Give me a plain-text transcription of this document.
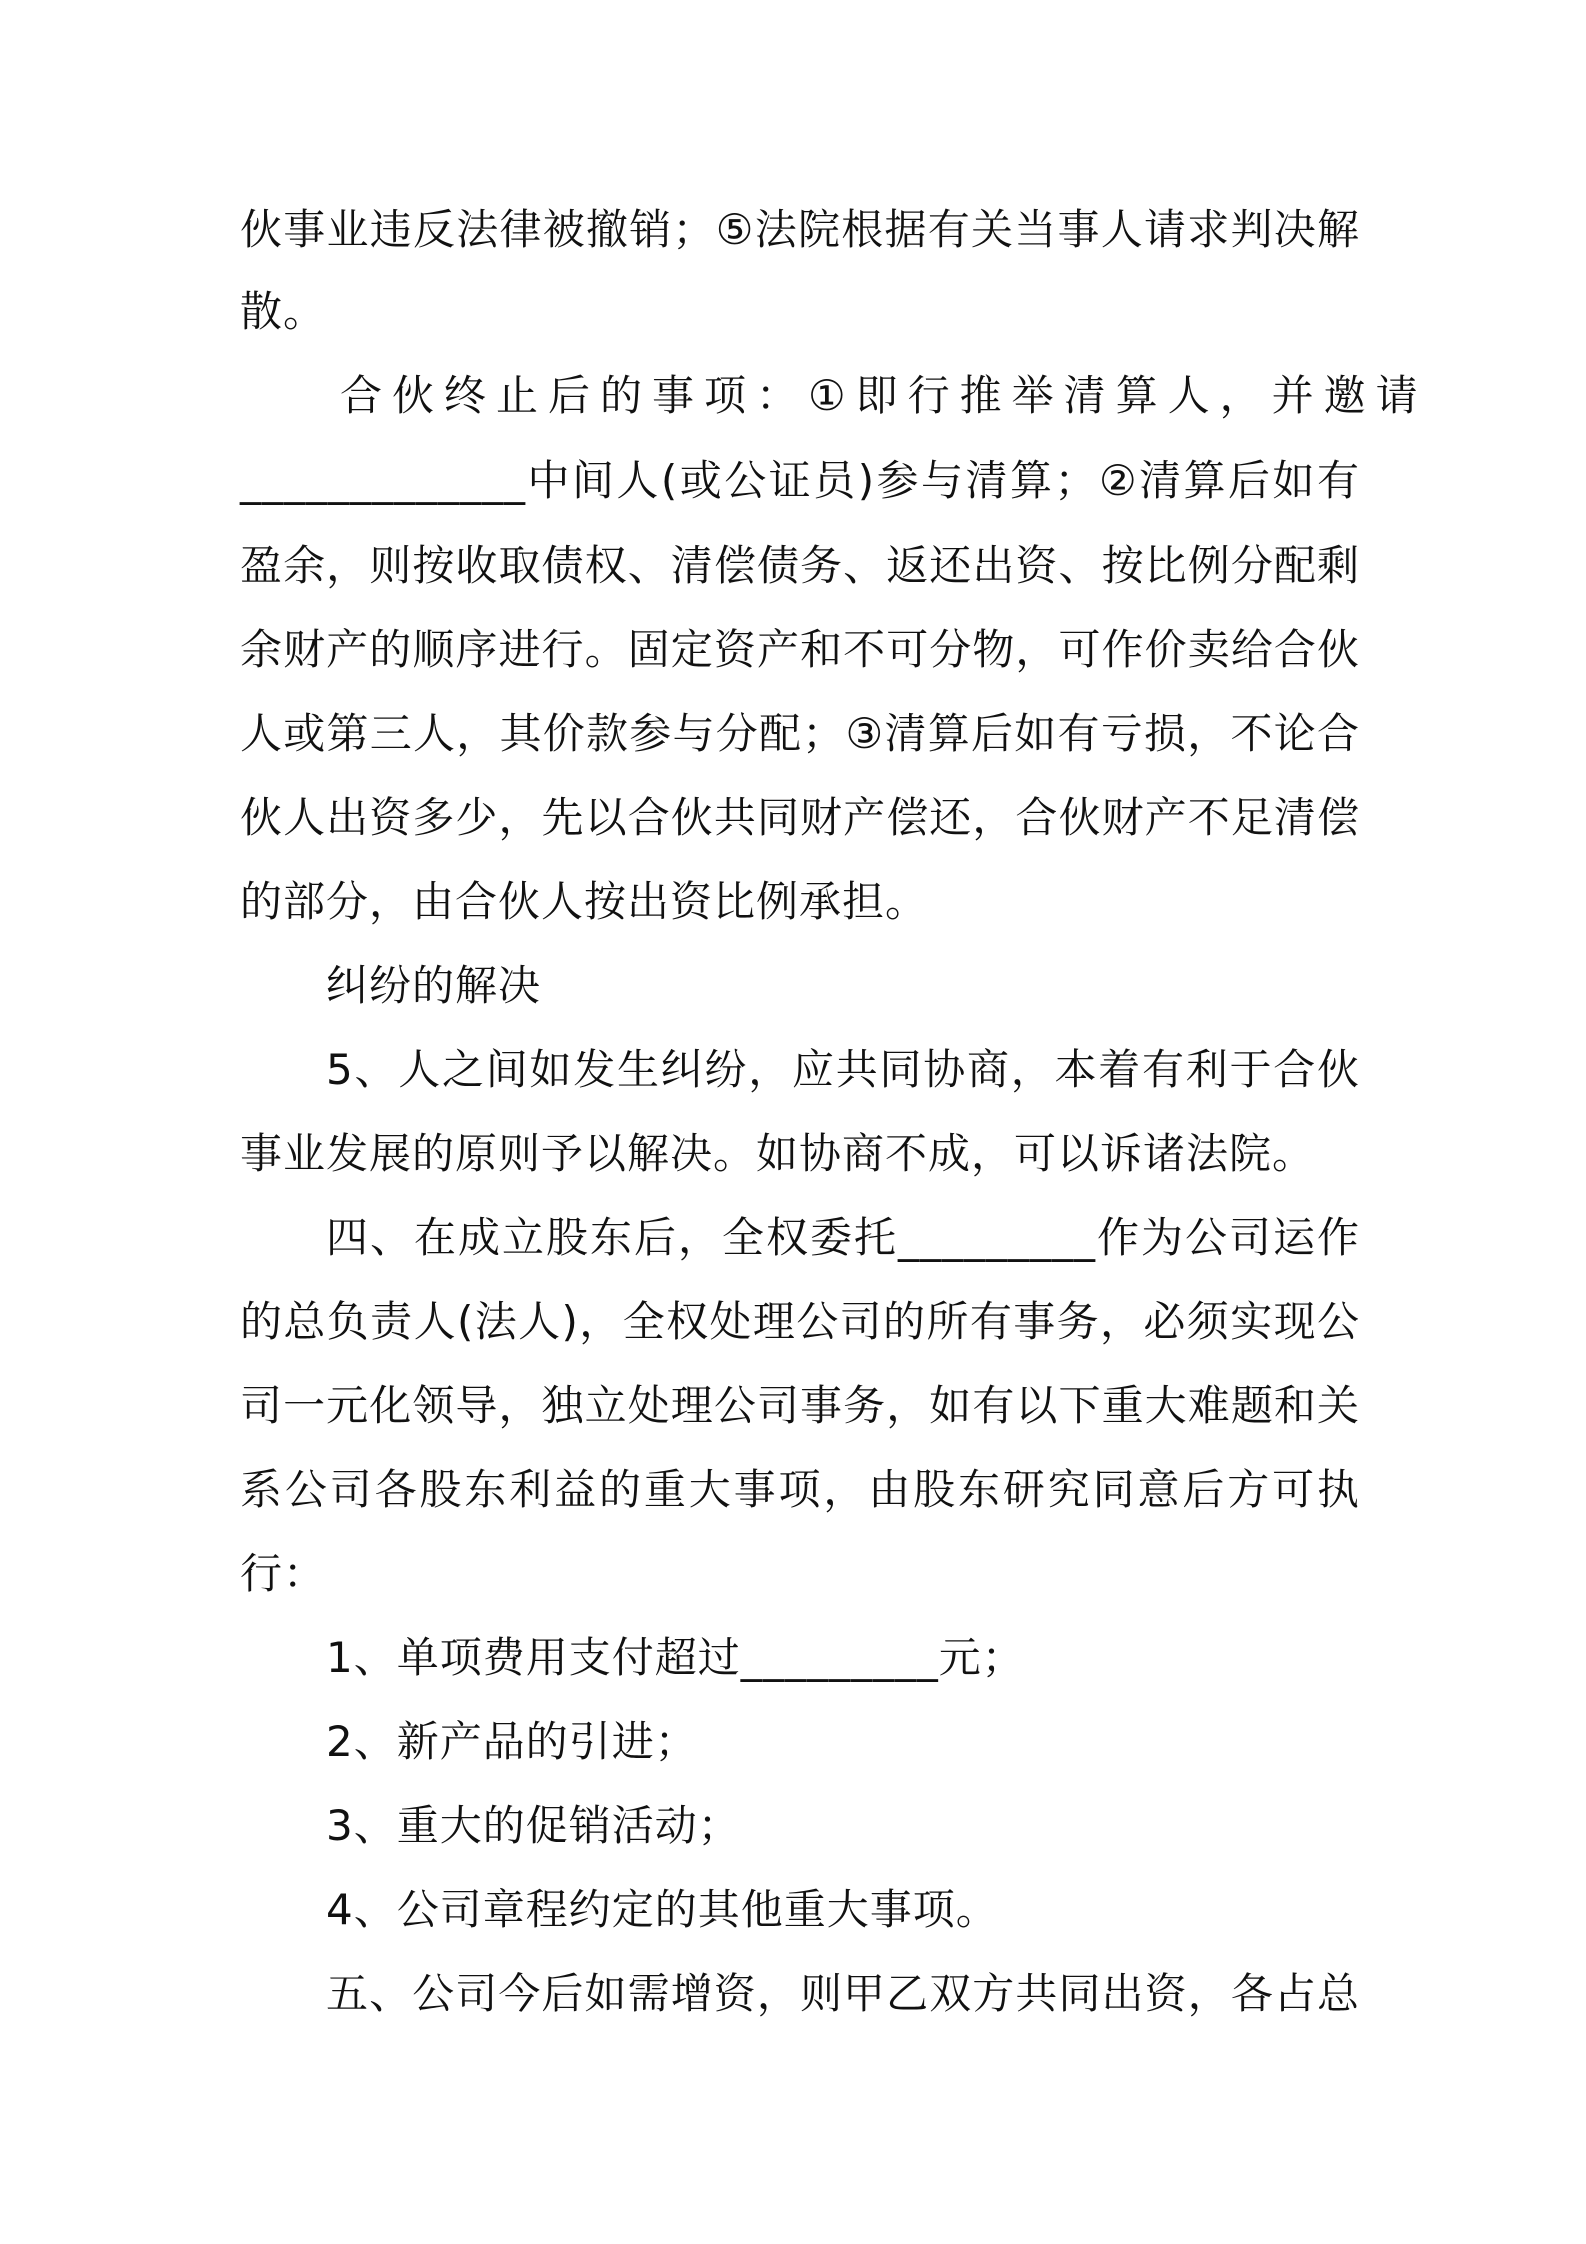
伙事业违反法律被撤销；⑤法院根据有关当事人请求判决解
散。
合伙终止后的事项：①即行推举清算人，并邀请
_____________中间人(或公证员)参与清算；②清算后如有
盈余，则按收取债权、清偿债务、返还出资、按比例分配剩
余财产的顺序进行。固定资产和不可分物，可作价卖给合伙
人或第三人，其价款参与分配；③清算后如有亏损，不论合
伙人出资多少，先以合伙共同财产偿还，合伙财产不足清偿
的部分，由合伙人按出资比例承担。
纠纷的解决
5、人之间如发生纠纷，应共同协商，本着有利于合伙
事业发展的原则予以解决。如协商不成，可以诉诸法院。
四、在成立股东后，全权委托_________作为公司运作
的总负责人(法人)，全权处理公司的所有事务，必须实现公
司一元化领导，独立处理公司事务，如有以下重大难题和关
系公司各股东利益的重大事项，由股东研究同意后方可执
行：
1、单项费用支付超过_________元；
2、新产品的引进；
3、重大的促销活动；
4、公司章程约定的其他重大事项。
五、公司今后如需增资，则甲乙双方共同出资，各占总
